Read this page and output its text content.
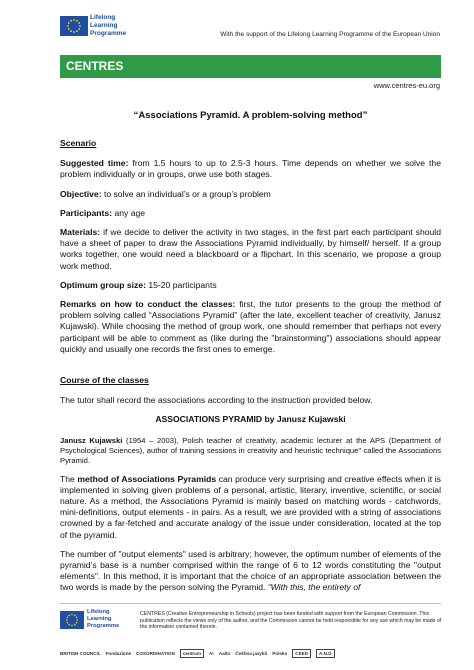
Lifelong
Learning
Programme	With the support of the Lifelong Learning Programme of the European Union
CENTRES
www.centres-eu.org
“Associations Pyramid. A problem-solving method”
Scenario

Suggested time: from 1.5 hours to up to 2.5-3 hours. Time depends on whether we solve the problem individually or in groups, orwe use both stages.

Objective: to solve an individual’s or a group’s problem

Participants: any age

Materials: if we decide to deliver the activity in two stages, in the first part each participant should have a sheet of paper to draw the Associations Pyramid individually, by himself/ herself. If a group works together, one would need a blackboard or a flipchart. In this scenario, we propose a group work method.

Optimum group size: 15-20 participants

Remarks on how to conduct the classes: first, the tutor presents to the group the method of problem solving called “Associations Pyramid” (after the late, excellent teacher of creativity, Janusz Kujawski). While choosing the method of group work, one should remember that perhaps not every participant will be able to comment as (like during the "brainstorming") associations should appear quickly and usually one records the first ones to emerge.

Course of the classes

The tutor shall record the associations according to the instruction provided below.

ASSOCIATIONS PYRAMID by Janusz Kujawski

Janusz Kujawski (1954 – 2003), Polish teacher of creativity, academic lecturer at the APS (Department of Psychological Sciences), author of training sessions in creativity and heuristic technique" called the Associations Pyramid.

The method of Associations Pyramids can produce very surprising and creative effects when it is implemented in solving given problems of a personal, artistic, literary, inventive, scientific, or social nature. As a method, the Associations Pyramid is mainly based on matching words - catchwords, mini-definitions, output elements - in pairs. As a result, we are provided with a string of associations crowned by a far-fetched and accurate analogy of the issue under consideration, located at the top of the pyramid.

The number of "output elements" used is arbitrary; however, the optimum number of elements of the pyramid’s base is a number comprised within the range of 6 to 12 words constituting the "output elements". In this method, it is important that the choice of an appropriate association between the two words is made by the person solving the Pyramid. “With this, the entirety of

Lifelong
Learning
Programme
CENTRES (Creative Entrepreneurship in Schools) project has been funded with support from the European Commission. This publication reflects the views only of the author, and the Commission cannot be held responsible for any use which may be made of the information contained therein.
BRITISH COUNCIL Fondazione COSORDINATION	centrum	A! Aalto Čeština jazyků Polsko	CEED	A.N.D
